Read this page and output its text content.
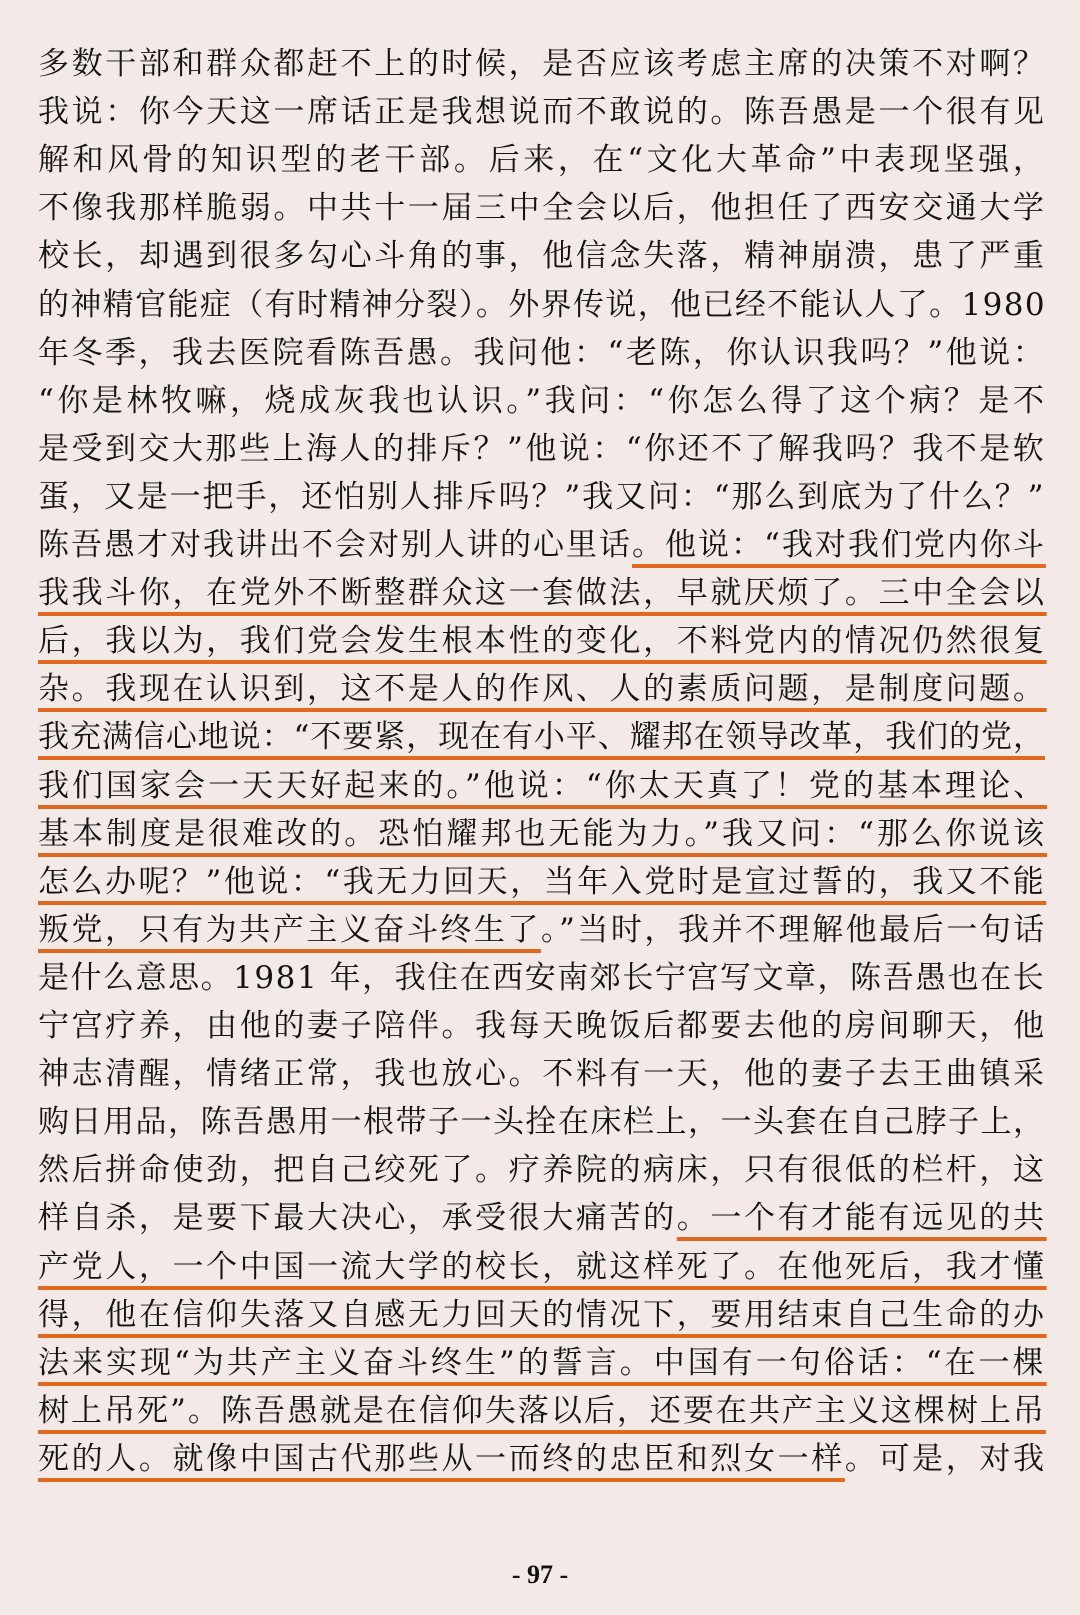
多数干部和群众都赶不上的时候，是否应该考虑主席的决策不对啊？
我说：你今天这一席话正是我想说而不敢说的。陈吾愚是一个很有见
解和风骨的知识型的老干部。后来，在“文化大革命”中表现坚强，
不像我那样脆弱。中共十一届三中全会以后，他担任了西安交通大学
校长，却遇到很多勾心斗角的事，他信念失落，精神崩溃，患了严重
的神精官能症（有时精神分裂）。外界传说，他已经不能认人了。1980
年冬季，我去医院看陈吾愚。我问他：“老陈，你认识我吗？”他说：
“你是林牧嘛，烧成灰我也认识。”我问：“你怎么得了这个病？是不
是受到交大那些上海人的排斥？”他说：“你还不了解我吗？我不是软
蛋，又是一把手，还怕别人排斥吗？”我又问：“那么到底为了什么？”
陈吾愚才对我讲出不会对别人讲的心里话。他说：“我对我们党内你斗
我我斗你，在党外不断整群众这一套做法，早就厌烦了。三中全会以
后，我以为，我们党会发生根本性的变化，不料党内的情况仍然很复
杂。我现在认识到，这不是人的作风、人的素质问题，是制度问题。
我充满信心地说：“不要紧，现在有小平、耀邦在领导改革，我们的党，
我们国家会一天天好起来的。”他说：“你太天真了！党的基本理论、
基本制度是很难改的。恐怕耀邦也无能为力。”我又问：“那么你说该
怎么办呢？”他说：“我无力回天，当年入党时是宣过誓的，我又不能
叛党，只有为共产主义奋斗终生了。”当时，我并不理解他最后一句话
是什么意思。1981 年，我住在西安南郊长宁宫写文章，陈吾愚也在长
宁宫疗养，由他的妻子陪伴。我每天晚饭后都要去他的房间聊天，他
神志清醒，情绪正常，我也放心。不料有一天，他的妻子去王曲镇采
购日用品，陈吾愚用一根带子一头拴在床栏上，一头套在自己脖子上，
然后拼命使劲，把自己绞死了。疗养院的病床，只有很低的栏杆，这
样自杀，是要下最大决心，承受很大痛苦的。一个有才能有远见的共
产党人，一个中国一流大学的校长，就这样死了。在他死后，我才懂
得，他在信仰失落又自感无力回天的情况下，要用结束自己生命的办
法来实现“为共产主义奋斗终生”的誓言。中国有一句俗话：“在一棵
树上吊死”。陈吾愚就是在信仰失落以后，还要在共产主义这棵树上吊
死的人。就像中国古代那些从一而终的忠臣和烈女一样。可是，对我
- 97 -
